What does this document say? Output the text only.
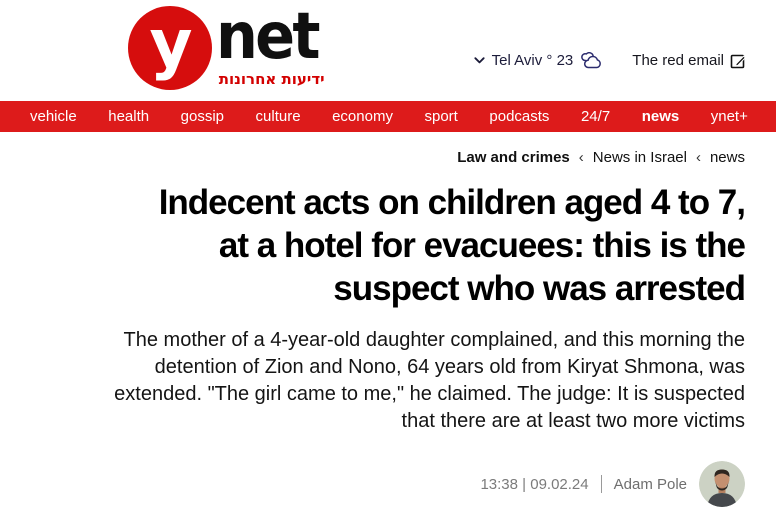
y net
ידיעות אחרונות
Tel Aviv ° 23	The red email
vehicle health gossip culture economy sport podcasts 24/7 news ynet+
Law and crimes ‹ News in Israel ‹ news
Indecent acts on children aged 4 to 7,
at a hotel for evacuees: this is the
suspect who was arrested
The mother of a 4-year-old daughter complained, and this morning the
detention of Zion and Nono, 64 years old from Kiryat Shmona, was
extended. "The girl came to me," he claimed. The judge: It is suspected
that there are at least two more victims
13:38 | 09.02.24 Adam Pole
